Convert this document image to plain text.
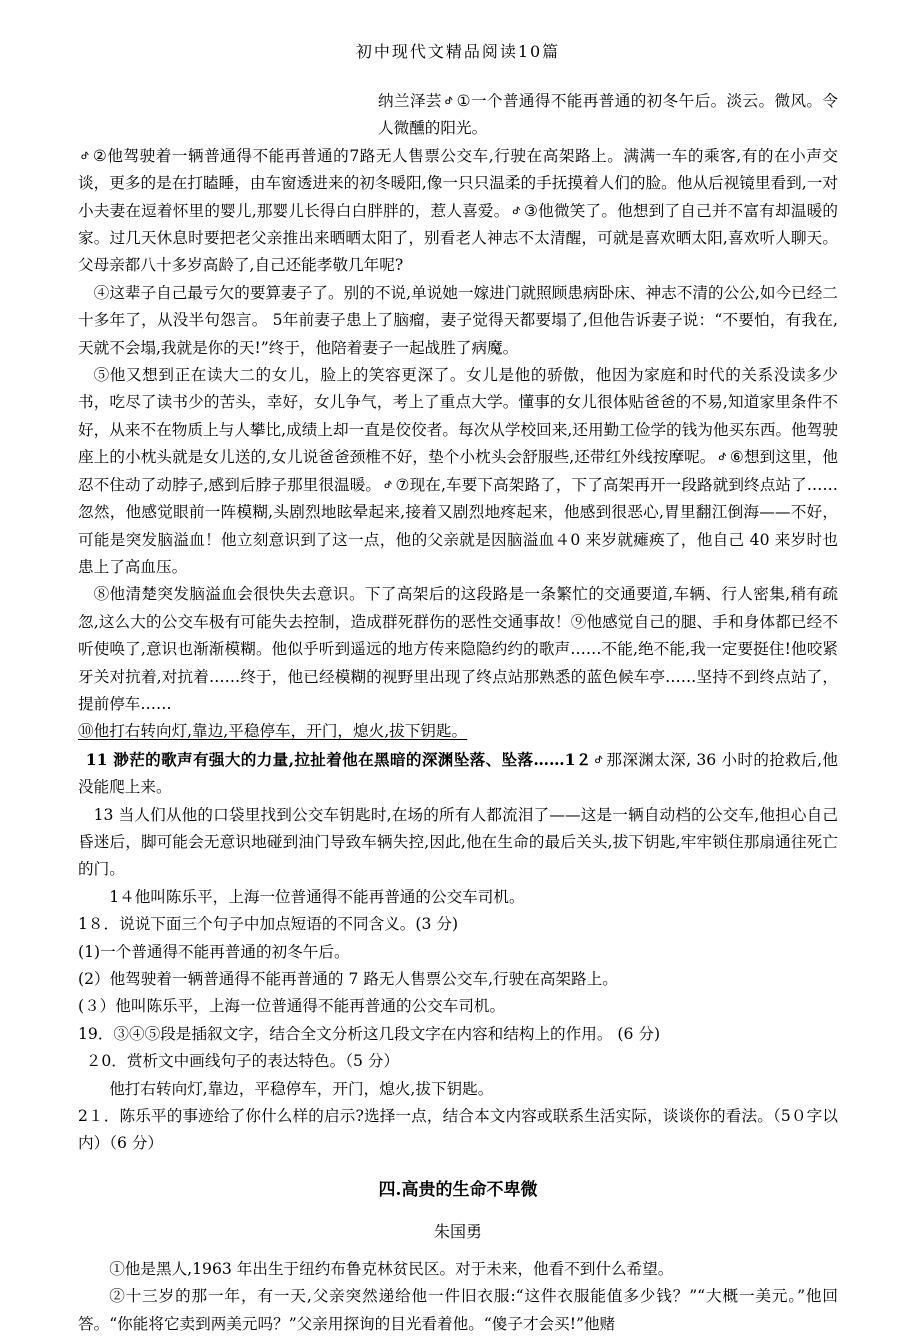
初中现代文精品阅读10篇

纳兰泽芸 ᕷ ①一个普通得不能再普通的初冬午后。淡云。微风。令人微醺的阳光。

ᕷ ②他驾驶着一辆普通得不能再普通的7路无人售票公交车,行驶在高架路上。满满一车的乘客,有的在小声交谈，更多的是在打瞌睡，由车窗透进来的初冬暖阳,像一只只温柔的手抚摸着人们的脸。他从后视镜里看到,一对小夫妻在逗着怀里的婴儿,那婴儿长得白白胖胖的，惹人喜爱。 ᕷ ③他微笑了。他想到了自己并不富有却温暖的家。过几天休息时要把老父亲推出来晒晒太阳了，别看老人神志不太清醒，可就是喜欢晒太阳,喜欢听人聊天。父母亲都八十多岁高龄了,自己还能孝敬几年呢?

④这辈子自己最亏欠的要算妻子了。别的不说,单说她一嫁进门就照顾患病卧床、神志不清的公公,如今已经二十多年了，从没半句怨言。 5年前妻子患上了脑瘤，妻子觉得天都要塌了,但他告诉妻子说：“不要怕，有我在,天就不会塌,我就是你的天!”终于，他陪着妻子一起战胜了病魔。

⑤他又想到正在读大二的女儿，脸上的笑容更深了。女儿是他的骄傲，他因为家庭和时代的关系没读多少书，吃尽了读书少的苦头，幸好，女儿争气，考上了重点大学。懂事的女儿很体贴爸爸的不易,知道家里条件不好，从来不在物质上与人攀比,成绩上却一直是佼佼者。每次从学校回来,还用勤工俭学的钱为他买东西。他驾驶座上的小枕头就是女儿送的,女儿说爸爸颈椎不好，垫个小枕头会舒服些,还带红外线按摩呢。 ᕷ ⑥想到这里，他忍不住动了动脖子,感到后脖子那里很温暖。 ᕷ ⑦现在,车要下高架路了，下了高架再开一段路就到终点站了……忽然，他感觉眼前一阵模糊,头剧烈地眩晕起来,接着又剧烈地疼起来，他感到很恶心,胃里翻江倒海——不好，可能是突发脑溢血！他立刻意识到了这一点，他的父亲就是因脑溢血４0 来岁就瘫痪了，他自己 40 来岁时也患上了高血压。

⑧他清楚突发脑溢血会很快失去意识。下了高架后的这段路是一条繁忙的交通要道,车辆、行人密集,稍有疏忽,这么大的公交车极有可能失去控制，造成群死群伤的恶性交通事故！⑨他感觉自己的腿、手和身体都已经不听使唤了,意识也渐渐模糊。他似乎听到遥远的地方传来隐隐约约的歌声……不能,绝不能,我一定要挺住!他咬紧牙关对抗着,对抗着……终于，他已经模糊的视野里出现了终点站那熟悉的蓝色候车亭……坚持不到终点站了，提前停车……

⑩他打右转向灯,靠边,平稳停车，开门，熄火,拔下钥匙。

11 渺茫的歌声有强大的力量,拉扯着他在黑暗的深渊坠落、坠落……1２ ᕷ 那深渊太深, 36 小时的抢救后,他没能爬上来。

13 当人们从他的口袋里找到公交车钥匙时,在场的所有人都流泪了——这是一辆自动档的公交车,他担心自己昏迷后，脚可能会无意识地碰到油门导致车辆失控,因此,他在生命的最后关头,拔下钥匙,牢牢锁住那扇通往死亡的门。

1４他叫陈乐平，上海一位普通得不能再普通的公交车司机。

1８．说说下面三个句子中加点短语的不同含义。(3 分)

(1)一个普通得不能再普通的初冬午后。

(2）他驾驶着一辆普通得不能再普通的 7 路无人售票公交车,行驶在高架路上。

(３）他叫陈乐平，上海一位普通得不能再普通的公交车司机。

19．③④⑤段是插叙文字，结合全文分析这几段文字在内容和结构上的作用。 (6 分)

２0．赏析文中画线句子的表达特色。（5 分）

他打右转向灯,靠边，平稳停车，开门，熄火,拔下钥匙。

2１．陈乐平的事迹给了你什么样的启示?选择一点，结合本文内容或联系生活实际，谈谈你的看法。（5０字以内）（6 分）

四.高贵的生命不卑微
朱国勇

①他是黑人,1963 年出生于纽约布鲁克林贫民区。对于未来，他看不到什么希望。

②十三岁的那一年，有一天,父亲突然递给他一件旧衣服:“这件衣服能值多少钱？”“大概一美元。”他回答。“你能将它卖到两美元吗？”父亲用探询的目光看着他。“傻子才会买!”他赌
